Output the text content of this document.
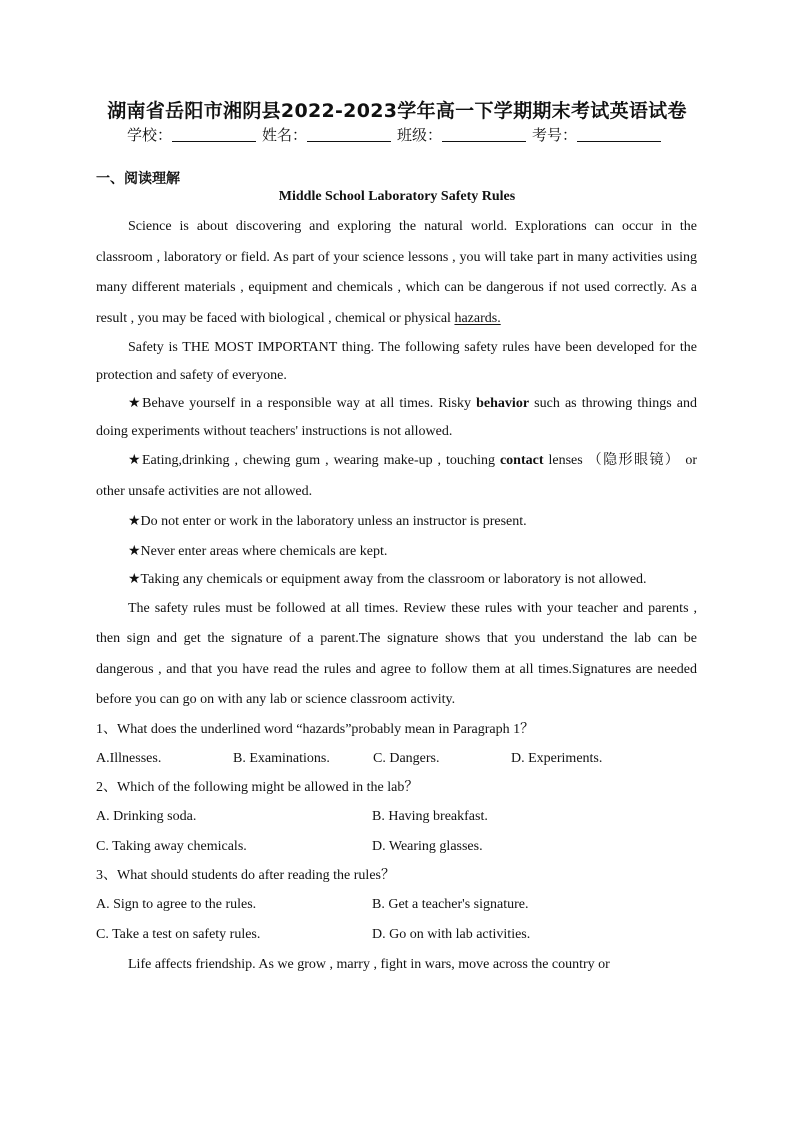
湖南省岳阳市湘阴县2022-2023学年高一下学期期末考试英语试卷
学校：	姓名：	班级：	考号：
一、阅读理解
Middle School Laboratory Safety Rules

Science is about discovering and exploring the natural world. Explorations can occur in the classroom , laboratory or field. As part of your science lessons , you will take part in many activities using many different materials , equipment and chemicals , which can be dangerous if not used correctly. As a result , you may be faced with biological , chemical or physical hazards.

Safety is THE MOST IMPORTANT thing. The following safety rules have been developed for the protection and safety of everyone.

★Behave yourself in a responsible way at all times. Risky behavior such as throwing things and doing experiments without teachers' instructions is not allowed.

★Eating,drinking , chewing gum , wearing make-up , touching contact lenses （隐形眼镜） or other unsafe activities are not allowed.

★Do not enter or work in the laboratory unless an instructor is present.

★Never enter areas where chemicals are kept.

★Taking any chemicals or equipment away from the classroom or laboratory is not allowed.

The safety rules must be followed at all times. Review these rules with your teacher and parents , then sign and get the signature of a parent.The signature shows that you understand the lab can be dangerous , and that you have read the rules and agree to follow them at all times.Signatures are needed before you can go on with any lab or science classroom activity.

1、What does the underlined word “hazards”probably mean in Paragraph 1？

A.Illnesses.	B. Examinations.	C. Dangers.	D. Experiments.

2、Which of the following might be allowed in the lab？

A. Drinking soda.	B. Having breakfast.
C. Taking away chemicals.	D. Wearing glasses.

3、What should students do after reading the rules？

A. Sign to agree to the rules.	B. Get a teacher's signature.
C. Take a test on safety rules.	D. Go on with lab activities.

Life affects friendship. As we grow , marry , fight in wars, move across the country or
